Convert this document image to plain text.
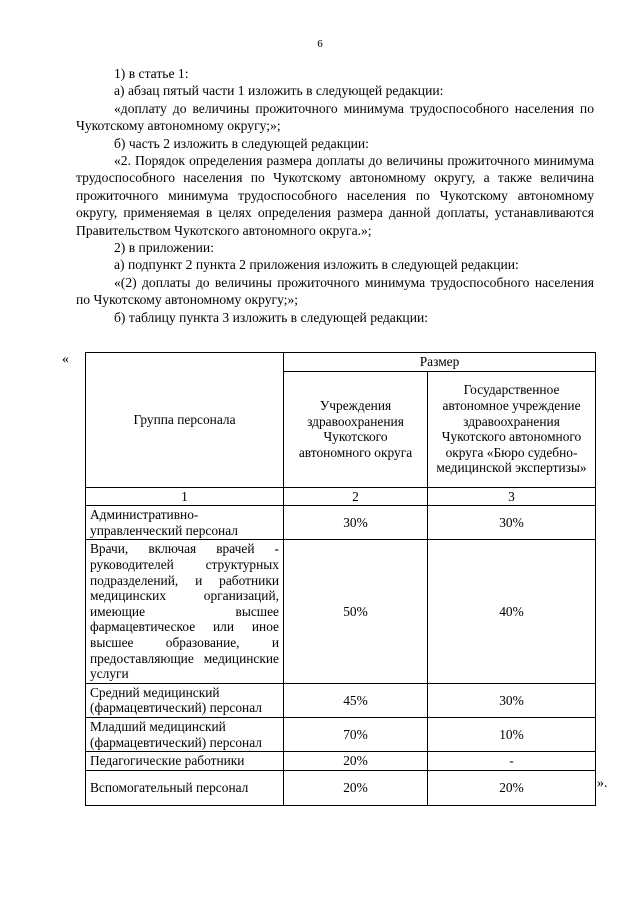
6

1) в статье 1:

а) абзац пятый части 1 изложить в следующей редакции:

«доплату до величины прожиточного минимума трудоспособного населения по Чукотскому автономному округу;»;

б) часть 2 изложить в следующей редакции:

«2. Порядок определения размера доплаты до величины прожиточного минимума трудоспособного населения по Чукотскому автономному округу, а также величина прожиточного минимума трудоспособного населения по Чукотскому автономному округу, применяемая в целях определения размера данной доплаты, устанавливаются Правительством Чукотского автономного округа.»;

2) в приложении:

а) подпункт 2 пункта 2 приложения изложить в следующей редакции:

«(2) доплаты до величины прожиточного минимума трудоспособного населения по Чукотскому автономному округу;»;

б) таблицу пункта 3 изложить в следующей редакции:

«
Группа персонала	Размер	
	Учреждения здравоохранения Чукотского автономного округа	Государственное автономное учреждение здравоохранения Чукотского автономного округа «Бюро судебно-медицинской экспертизы»
1	2	3
Административно-управленческий персонал	30%	30%
Врачи, включая врачей - руководителей структурных подразделений, и работники медицинских организаций, имеющие высшее фармацевтическое или иное высшее образование, и предоставляющие медицинские услуги	50%	40%
Средний медицинский (фармацевтический) персонал	45%	30%
Младший медицинский (фармацевтический) персонал	70%	10%
Педагогические работники	20%	-
Вспомогательный персонал	20%	20%	».
